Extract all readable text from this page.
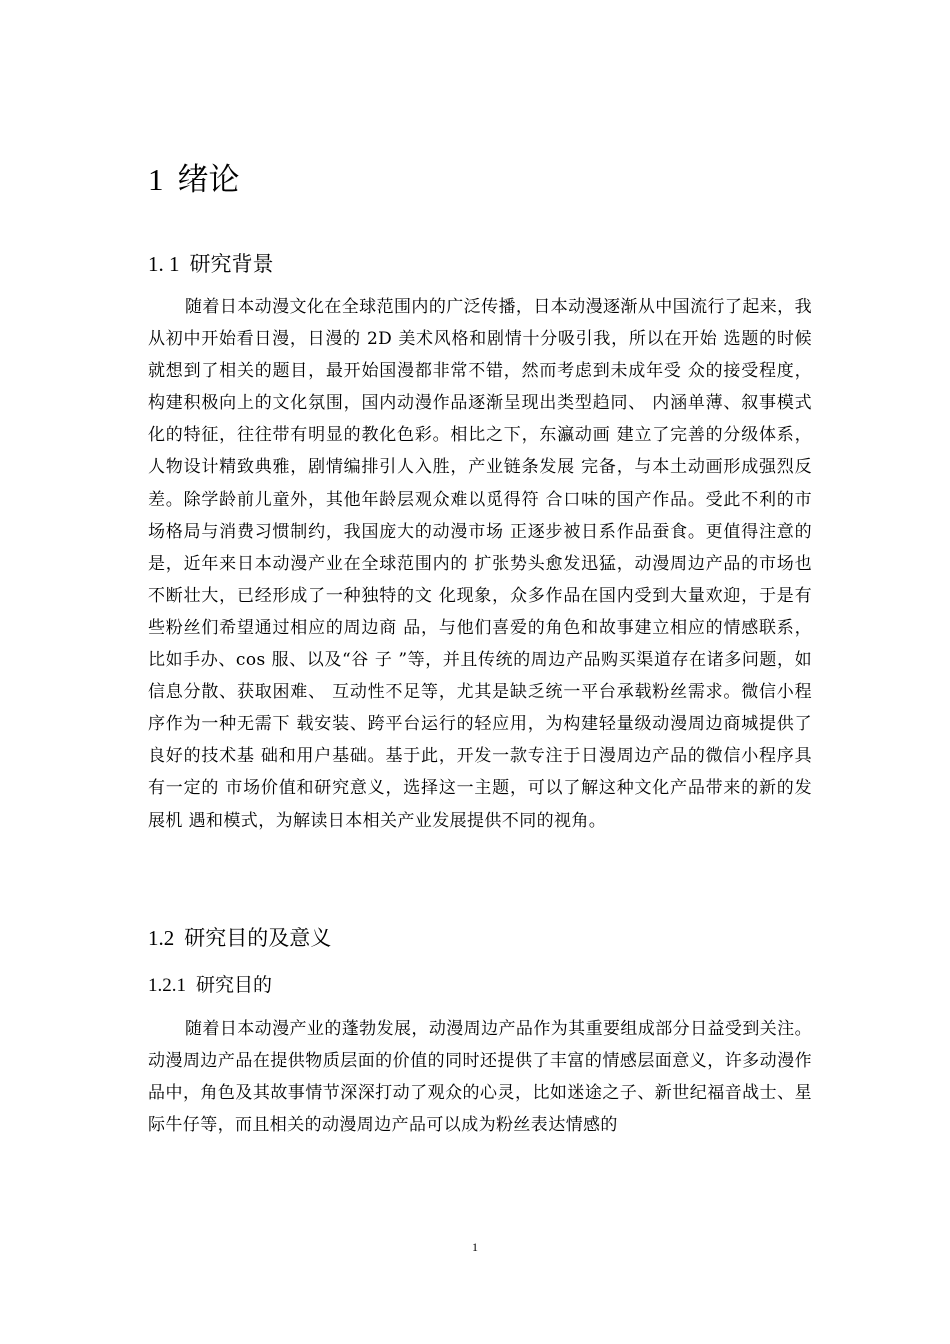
1 绪论
1. 1 研究背景

随着日本动漫文化在全球范围内的广泛传播，日本动漫逐渐从中国流行了起来，我从初中开始看日漫，日漫的 2D 美术风格和剧情十分吸引我，所以在开始 选题的时候就想到了相关的题目，最开始国漫都非常不错，然而考虑到未成年受 众的接受程度，构建积极向上的文化氛围，国内动漫作品逐渐呈现出类型趋同、 内涵单薄、叙事模式化的特征，往往带有明显的教化色彩。相比之下，东瀛动画 建立了完善的分级体系，人物设计精致典雅，剧情编排引人入胜，产业链条发展 完备，与本土动画形成强烈反差。除学龄前儿童外，其他年龄层观众难以觅得符 合口味的国产作品。受此不利的市场格局与消费习惯制约，我国庞大的动漫市场 正逐步被日系作品蚕食。更值得注意的是，近年来日本动漫产业在全球范围内的 扩张势头愈发迅猛，动漫周边产品的市场也不断壮大，已经形成了一种独特的文 化现象，众多作品在国内受到大量欢迎，于是有些粉丝们希望通过相应的周边商 品，与他们喜爱的角色和故事建立相应的情感联系，比如手办、cos 服、以及“谷 子 ”等，并且传统的周边产品购买渠道存在诸多问题，如信息分散、获取困难、 互动性不足等，尤其是缺乏统一平台承载粉丝需求。微信小程序作为一种无需下 载安装、跨平台运行的轻应用，为构建轻量级动漫周边商城提供了良好的技术基 础和用户基础。基于此，开发一款专注于日漫周边产品的微信小程序具有一定的 市场价值和研究意义，选择这一主题，可以了解这种文化产品带来的新的发展机 遇和模式，为解读日本相关产业发展提供不同的视角。

1.2 研究目的及意义
1.2.1 研究目的

随着日本动漫产业的蓬勃发展，动漫周边产品作为其重要组成部分日益受到关注。动漫周边产品在提供物质层面的价值的同时还提供了丰富的情感层面意义，许多动漫作品中，角色及其故事情节深深打动了观众的心灵，比如迷途之子、新世纪福音战士、星际牛仔等，而且相关的动漫周边产品可以成为粉丝表达情感的

1
